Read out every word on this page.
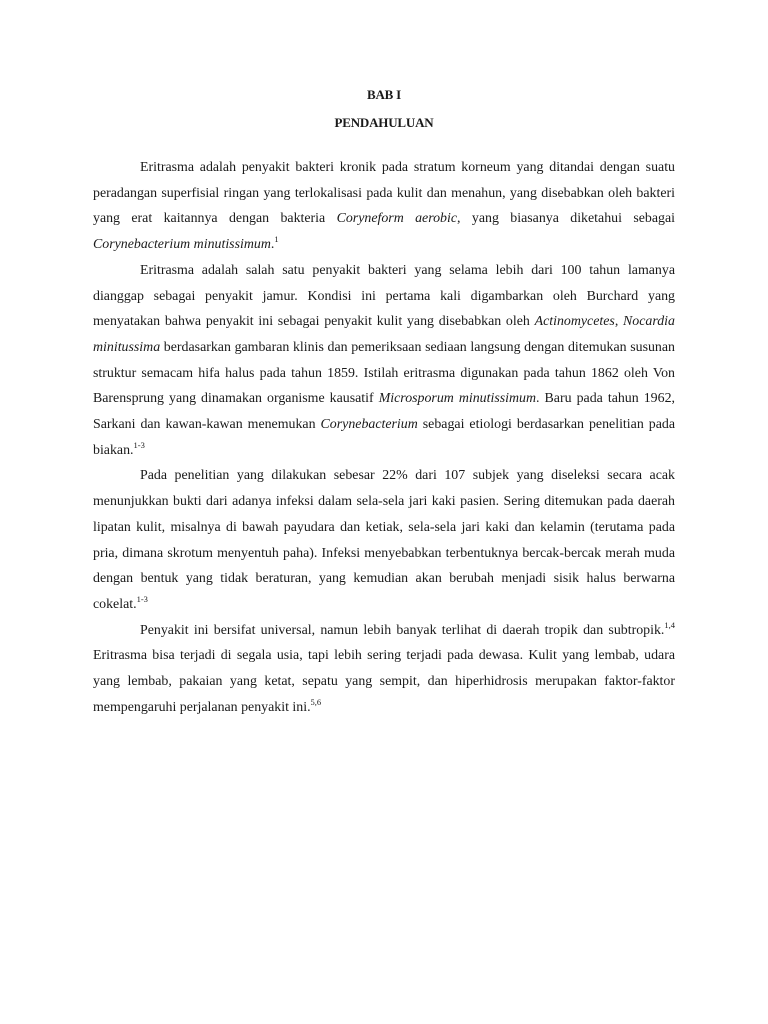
BAB I
PENDAHULUAN

Eritrasma adalah penyakit bakteri kronik pada stratum korneum yang ditandai dengan suatu peradangan superfisial ringan yang terlokalisasi pada kulit dan menahun, yang disebabkan oleh bakteri yang erat kaitannya dengan bakteria Coryneform aerobic, yang biasanya diketahui sebagai Corynebacterium minutissimum.$^1$

Eritrasma adalah salah satu penyakit bakteri yang selama lebih dari 100 tahun lamanya dianggap sebagai penyakit jamur. Kondisi ini pertama kali digambarkan oleh Burchard yang menyatakan bahwa penyakit ini sebagai penyakit kulit yang disebabkan oleh Actinomycetes, Nocardia minitussima berdasarkan gambaran klinis dan pemeriksaan sediaan langsung dengan ditemukan susunan struktur semacam hifa halus pada tahun 1859. Istilah eritrasma digunakan pada tahun 1862 oleh Von Barensprung yang dinamakan organisme kausatif Microsporum minutissimum. Baru pada tahun 1962, Sarkani dan kawan-kawan menemukan Corynebacterium sebagai etiologi berdasarkan penelitian pada biakan.$^{1-3}$

Pada penelitian yang dilakukan sebesar 22% dari 107 subjek yang diseleksi secara acak menunjukkan bukti dari adanya infeksi dalam sela-sela jari kaki pasien. Sering ditemukan pada daerah lipatan kulit, misalnya di bawah payudara dan ketiak, sela-sela jari kaki dan kelamin (terutama pada pria, dimana skrotum menyentuh paha). Infeksi menyebabkan terbentuknya bercak-bercak merah muda dengan bentuk yang tidak beraturan, yang kemudian akan berubah menjadi sisik halus berwarna cokelat.$^{1-3}$

Penyakit ini bersifat universal, namun lebih banyak terlihat di daerah tropik dan subtropik.$^{1,4}$ Eritrasma bisa terjadi di segala usia, tapi lebih sering terjadi pada dewasa. Kulit yang lembab, udara yang lembab, pakaian yang ketat, sepatu yang sempit, dan hiperhidrosis merupakan faktor-faktor mempengaruhi perjalanan penyakit ini.$^{5,6}$
